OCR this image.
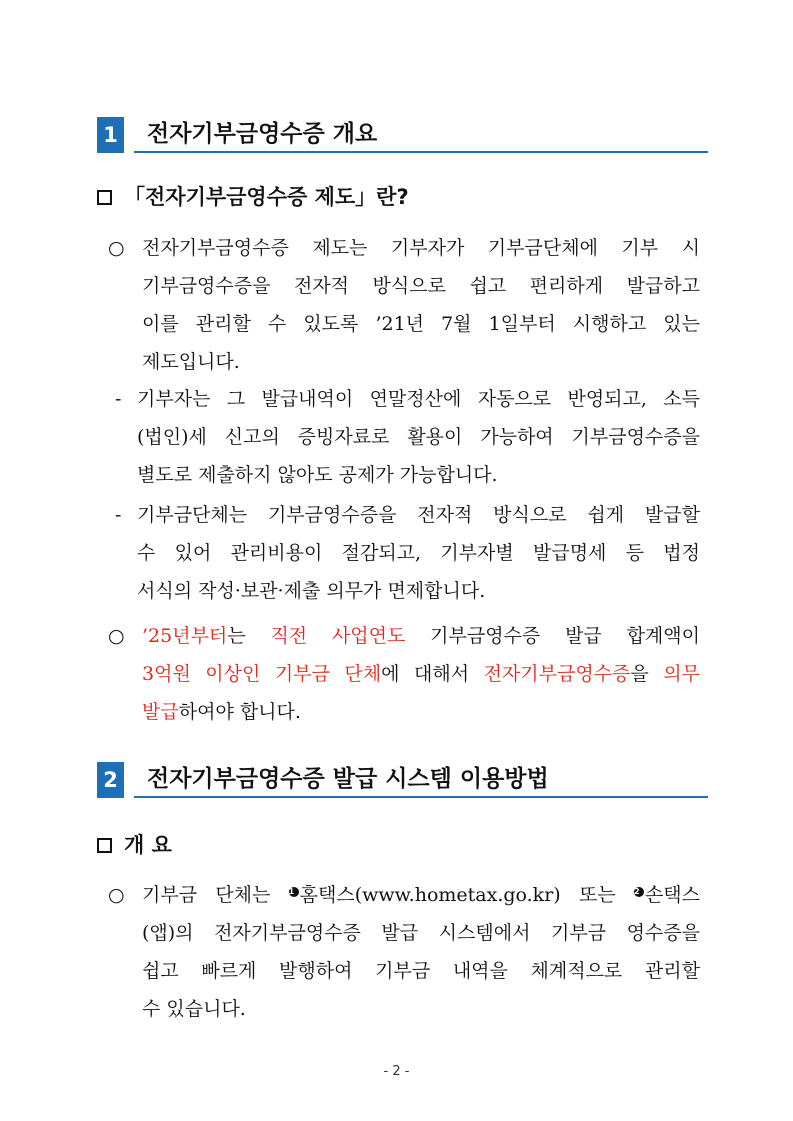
1 전자기부금영수증 개요
「전자기부금영수증 제도」란?
○ 전자기부금영수증 제도는 기부자가 기부금단체에 기부 시
기부금영수증을 전자적 방식으로 쉽고 편리하게 발급하고
이를 관리할 수 있도록 ’21년 7월 1일부터 시행하고 있는
제도입니다.
- 기부자는 그 발급내역이 연말정산에 자동으로 반영되고, 소득
(법인)세 신고의 증빙자료로 활용이 가능하여 기부금영수증을
별도로 제출하지 않아도 공제가 가능합니다.
- 기부금단체는 기부금영수증을 전자적 방식으로 쉽게 발급할
수 있어 관리비용이 절감되고, 기부자별 발급명세 등 법정
서식의 작성·보관·제출 의무가 면제합니다.
○ ’25년부터는 직전 사업연도 기부금영수증 발급 합계액이
3억원 이상인 기부금 단체에 대해서 전자기부금영수증을 의무
발급하여야 합니다.
2 전자기부금영수증 발급 시스템 이용방법
개 요
○ 기부금 단체는 1 홈택스(www.hometax.go.kr) 또는 2 손택스
(앱)의 전자기부금영수증 발급 시스템에서 기부금 영수증을
쉽고 빠르게 발행하여 기부금 내역을 체계적으로 관리할
수 있습니다.
- 2 -
